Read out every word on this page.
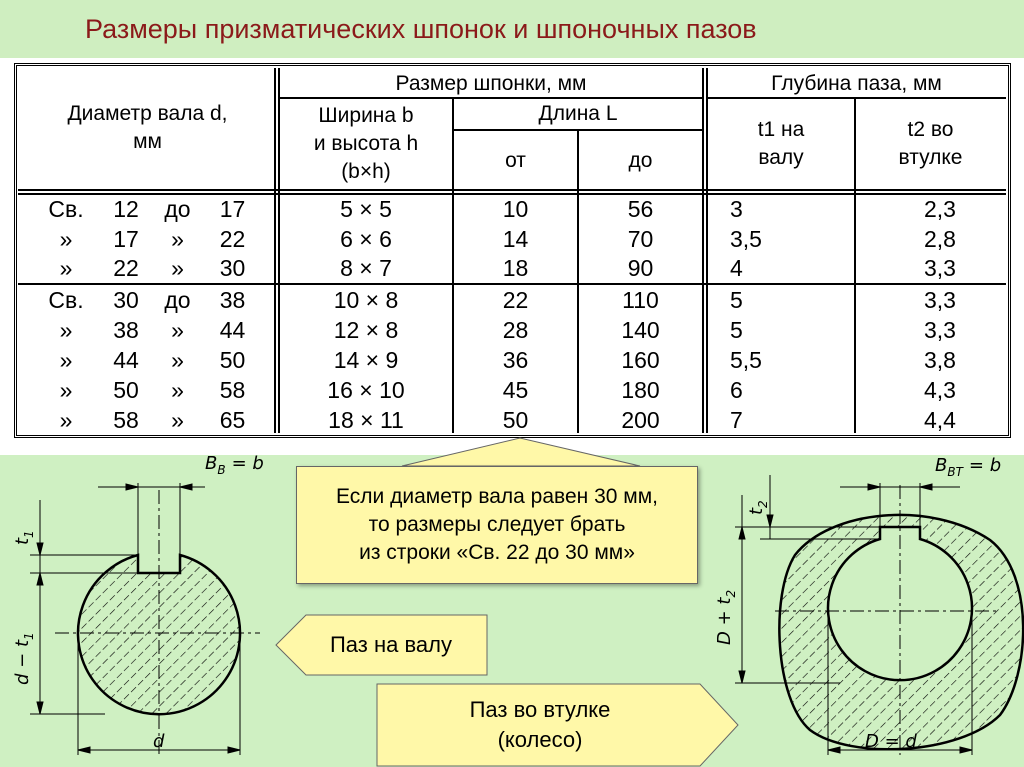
Размеры призматических шпонок и шпоночных пазов
Диаметр вала d,
мм
Размер шпонки, мм
Ширина b
и высота h
(b×h)
Длина L
от	до
Глубина паза, мм
t1 на
валу
t2 во
втулке
Св.	12	до	17	5 × 5	10	56	3	2,3
»	17	»	22	6 × 6	14	70	3,5	2,8
»	22	»	30	8 × 7	18	90	4	3,3
Св.	30	до	38	10 × 8	22	110	5	3,3
»	38	»	44	12 × 8	28	140	5	3,3
»	44	»	50	14 × 9	36	160	5,5	3,8
»	50	»	58	16 × 10	45	180	6	4,3
»	58	»	65	18 × 11	50	200	7	4,4
Если диаметр вала равен 30 мм,
то размеры следует брать
из строки «Св. 22 до 30 мм»
Паз на валу
Паз во втулке
(колесо)
$B_B = b$
$t_1$
$d - t_1$
d
$B_{BT} = b$
$t_2$
$D + t_2$
D = d
